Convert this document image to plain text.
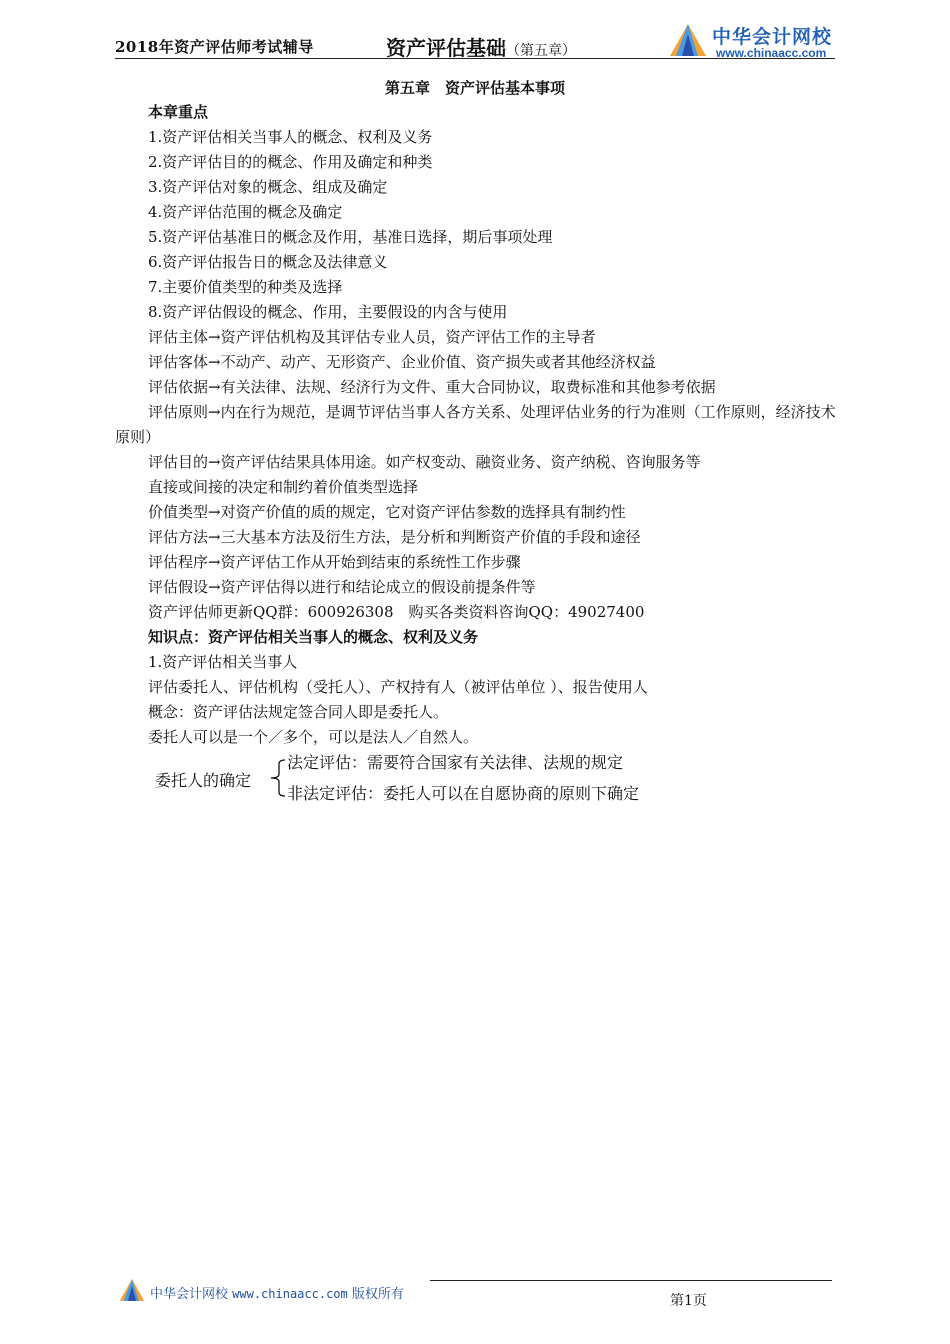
2018年资产评估师考试辅导	资产评估基础（第五章）
中华会计网校
www.chinaacc.com
第五章　资产评估基本事项
本章重点
1.资产评估相关当事人的概念、权利及义务
2.资产评估目的的概念、作用及确定和种类
3.资产评估对象的概念、组成及确定
4.资产评估范围的概念及确定
5.资产评估基准日的概念及作用，基准日选择，期后事项处理
6.资产评估报告日的概念及法律意义
7.主要价值类型的种类及选择
8.资产评估假设的概念、作用，主要假设的内含与使用
评估主体→资产评估机构及其评估专业人员，资产评估工作的主导者
评估客体→不动产、动产、无形资产、企业价值、资产损失或者其他经济权益
评估依据→有关法律、法规、经济行为文件、重大合同协议，取费标准和其他参考依据
评估原则→内在行为规范，是调节评估当事人各方关系、处理评估业务的行为准则（工作原则，经济技术原则）
评估目的→资产评估结果具体用途。如产权变动、融资业务、资产纳税、咨询服务等
直接或间接的决定和制约着价值类型选择
价值类型→对资产价值的质的规定，它对资产评估参数的选择具有制约性
评估方法→三大基本方法及衍生方法，是分析和判断资产价值的手段和途径
评估程序→资产评估工作从开始到结束的系统性工作步骤
评估假设→资产评估得以进行和结论成立的假设前提条件等
资产评估师更新QQ群：600926308　购买各类资料咨询QQ：49027400
知识点：资产评估相关当事人的概念、权利及义务
1.资产评估相关当事人
评估委托人、评估机构（受托人）、产权持有人（被评估单位 ）、报告使用人
概念：资产评估法规定签合同人即是委托人。
委托人可以是一个／多个，可以是法人／自然人。
委托人的确定
法定评估：需要符合国家有关法律、法规的规定
非法定评估：委托人可以在自愿协商的原则下确定
中华会计网校 www.chinaacc.com 版权所有	第1页
